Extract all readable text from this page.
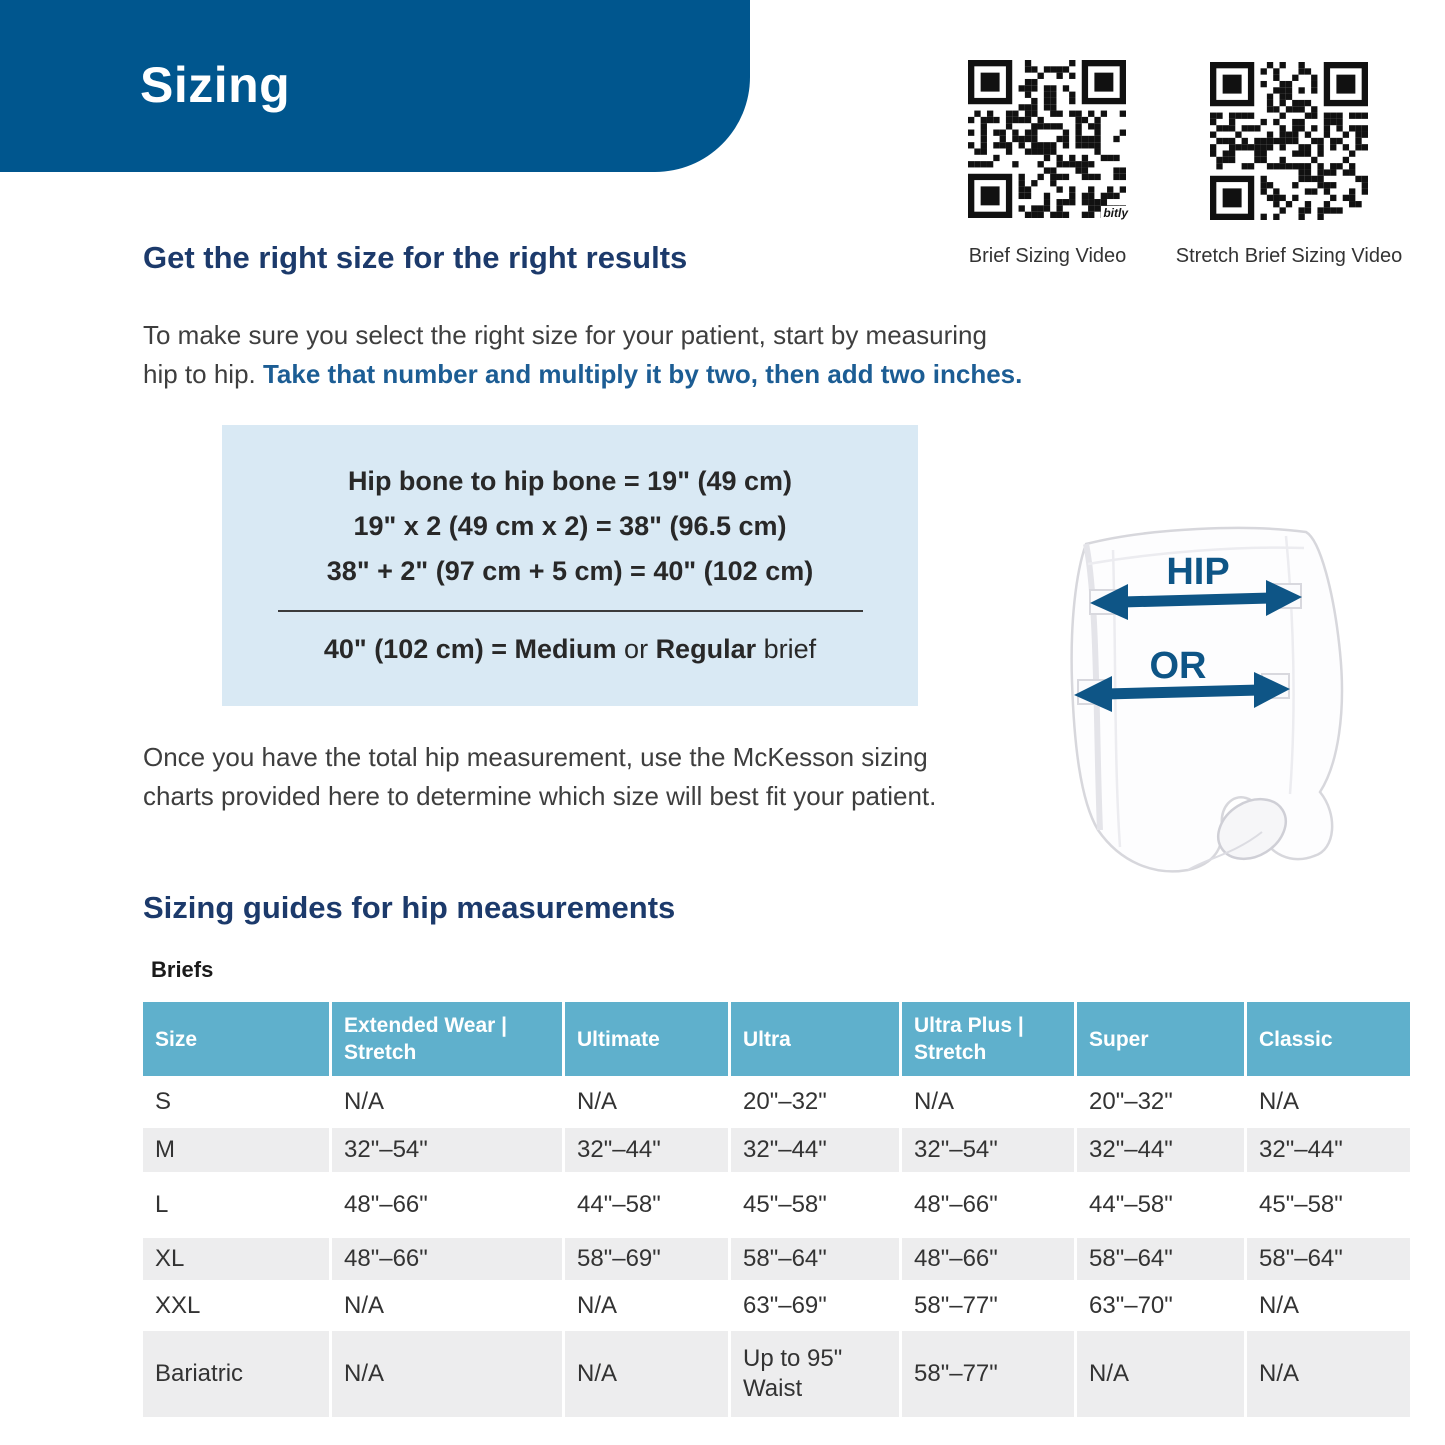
Sizing
bitly
Brief Sizing Video	Stretch Brief Sizing Video
Get the right size for the right results
To make sure you select the right size for your patient, start by measuring
hip to hip. Take that number and multiply it by two, then add two inches.
Hip bone to hip bone = 19" (49 cm)
19" x 2 (49 cm x 2) = 38" (96.5 cm)
38" + 2" (97 cm + 5 cm) = 40" (102 cm)
40" (102 cm) = Medium or Regular brief
HIP
OR
Once you have the total hip measurement, use the McKesson sizing
charts provided here to determine which size will best fit your patient.
Sizing guides for hip measurements
Briefs
Size	Extended Wear | Stretch	Ultimate	Ultra	Ultra Plus | Stretch	Super	Classic
S	N/A	N/A	20"–32"	N/A	20"–32"	N/A
M	32"–54"	32"–44"	32"–44"	32"–54"	32"–44"	32"–44"
L	48"–66"	44"–58"	45"–58"	48"–66"	44"–58"	45"–58"
XL	48"–66"	58"–69"	58"–64"	48"–66"	58"–64"	58"–64"
XXL	N/A	N/A	63"–69"	58"–77"	63"–70"	N/A
Bariatric	N/A	N/A	Up to 95" Waist	58"–77"	N/A	N/A
